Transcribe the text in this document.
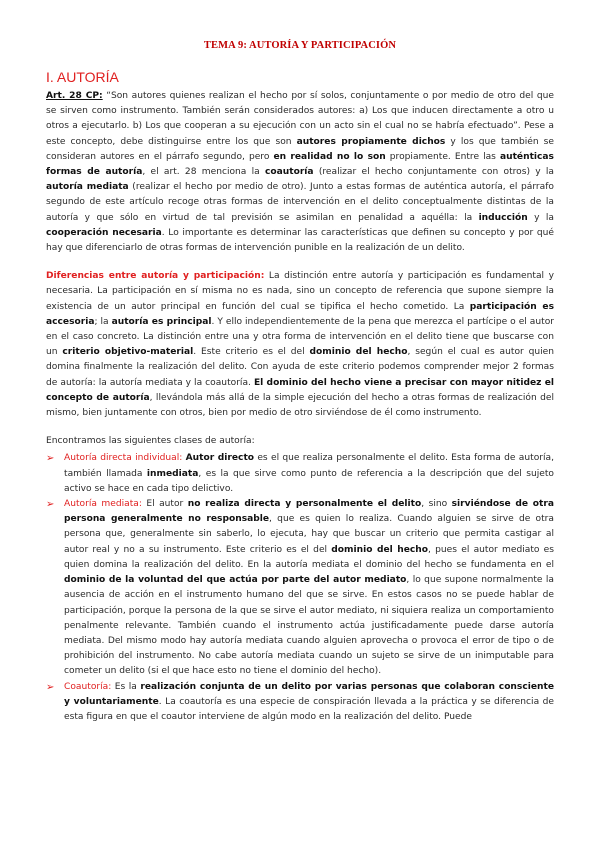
TEMA 9: AUTORÍA Y PARTICIPACIÓN
I. AUTORÍA

Art. 28 CP: “Son autores quienes realizan el hecho por sí solos, conjuntamente o por medio de otro del que se sirven como instrumento. También serán considerados autores: a) Los que inducen directamente a otro u otros a ejecutarlo. b) Los que cooperan a su ejecución con un acto sin el cual no se habría efectuado”. Pese a este concepto, debe distinguirse entre los que son autores propiamente dichos y los que también se consideran autores en el párrafo segundo, pero en realidad no lo son propiamente. Entre las auténticas formas de autoría, el art. 28 menciona la coautoría (realizar el hecho conjuntamente con otros) y la autoría mediata (realizar el hecho por medio de otro). Junto a estas formas de auténtica autoría, el párrafo segundo de este artículo recoge otras formas de intervención en el delito conceptualmente distintas de la autoría y que sólo en virtud de tal previsión se asimilan en penalidad a aquélla: la inducción y la cooperación necesaria. Lo importante es determinar las características que definen su concepto y por qué hay que diferenciarlo de otras formas de intervención punible en la realización de un delito.

Diferencias entre autoría y participación: La distinción entre autoría y participación es fundamental y necesaria. La participación en sí misma no es nada, sino un concepto de referencia que supone siempre la existencia de un autor principal en función del cual se tipifica el hecho cometido. La participación es accesoria; la autoría es principal. Y ello independientemente de la pena que merezca el partícipe o el autor en el caso concreto. La distinción entre una y otra forma de intervención en el delito tiene que buscarse con un criterio objetivo-material. Este criterio es el del dominio del hecho, según el cual es autor quien domina finalmente la realización del delito. Con ayuda de este criterio podemos comprender mejor 2 formas de autoría: la autoría mediata y la coautoría. El dominio del hecho viene a precisar con mayor nitidez el concepto de autoría, llevándola más allá de la simple ejecución del hecho a otras formas de realización del mismo, bien juntamente con otros, bien por medio de otro sirviéndose de él como instrumento.

Encontramos las siguientes clases de autoría:

➢ Autoría directa individual: Autor directo es el que realiza personalmente el delito. Esta forma de autoría, también llamada inmediata, es la que sirve como punto de referencia a la descripción que del sujeto activo se hace en cada tipo delictivo.
➢ Autoría mediata: El autor no realiza directa y personalmente el delito, sino sirviéndose de otra persona generalmente no responsable, que es quien lo realiza. Cuando alguien se sirve de otra persona que, generalmente sin saberlo, lo ejecuta, hay que buscar un criterio que permita castigar al autor real y no a su instrumento. Este criterio es el del dominio del hecho, pues el autor mediato es quien domina la realización del delito. En la autoría mediata el dominio del hecho se fundamenta en el dominio de la voluntad del que actúa por parte del autor mediato, lo que supone normalmente la ausencia de acción en el instrumento humano del que se sirve. En estos casos no se puede hablar de participación, porque la persona de la que se sirve el autor mediato, ni siquiera realiza un comportamiento penalmente relevante. También cuando el instrumento actúa justificadamente puede darse autoría mediata. Del mismo modo hay autoría mediata cuando alguien aprovecha o provoca el error de tipo o de prohibición del instrumento. No cabe autoría mediata cuando un sujeto se sirve de un inimputable para cometer un delito (si el que hace esto no tiene el dominio del hecho).
➢ Coautoría: Es la realización conjunta de un delito por varias personas que colaboran consciente y voluntariamente. La coautoría es una especie de conspiración llevada a la práctica y se diferencia de esta figura en que el coautor interviene de algún modo en la realización del delito. Puede
